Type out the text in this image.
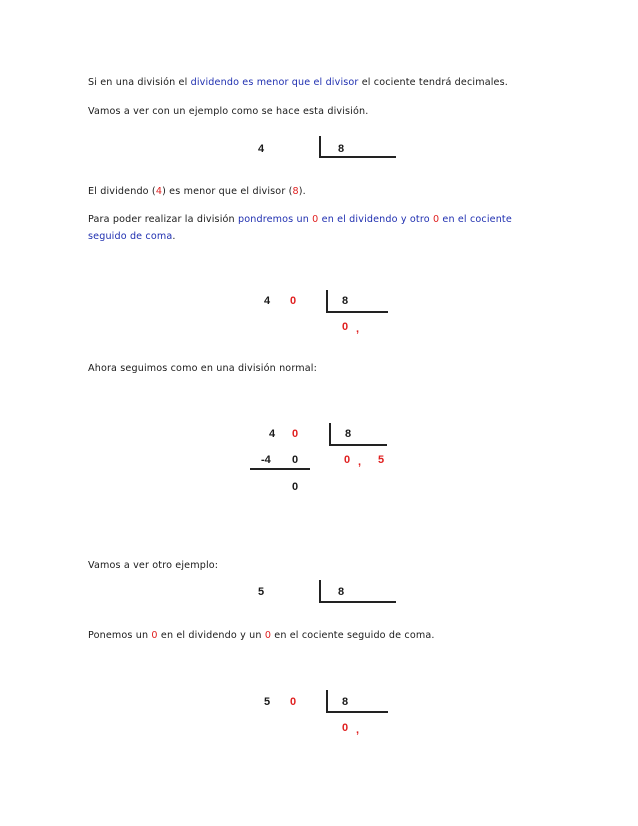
Si en una división el dividendo es menor que el divisor el cociente tendrá decimales.
Vamos a ver con un ejemplo como se hace esta división.
4	8
El dividendo (4) es menor que el divisor (8).
Para poder realizar la división pondremos un 0 en el dividendo y otro 0 en el cociente
seguido de coma.
4 0	8
0 ,
Ahora seguimos como en una división normal:
4 0	8
-4 0	0 , 5
0
Vamos a ver otro ejemplo:
5	8
Ponemos un 0 en el dividendo y un 0 en el cociente seguido de coma.
5 0	8
0 ,
